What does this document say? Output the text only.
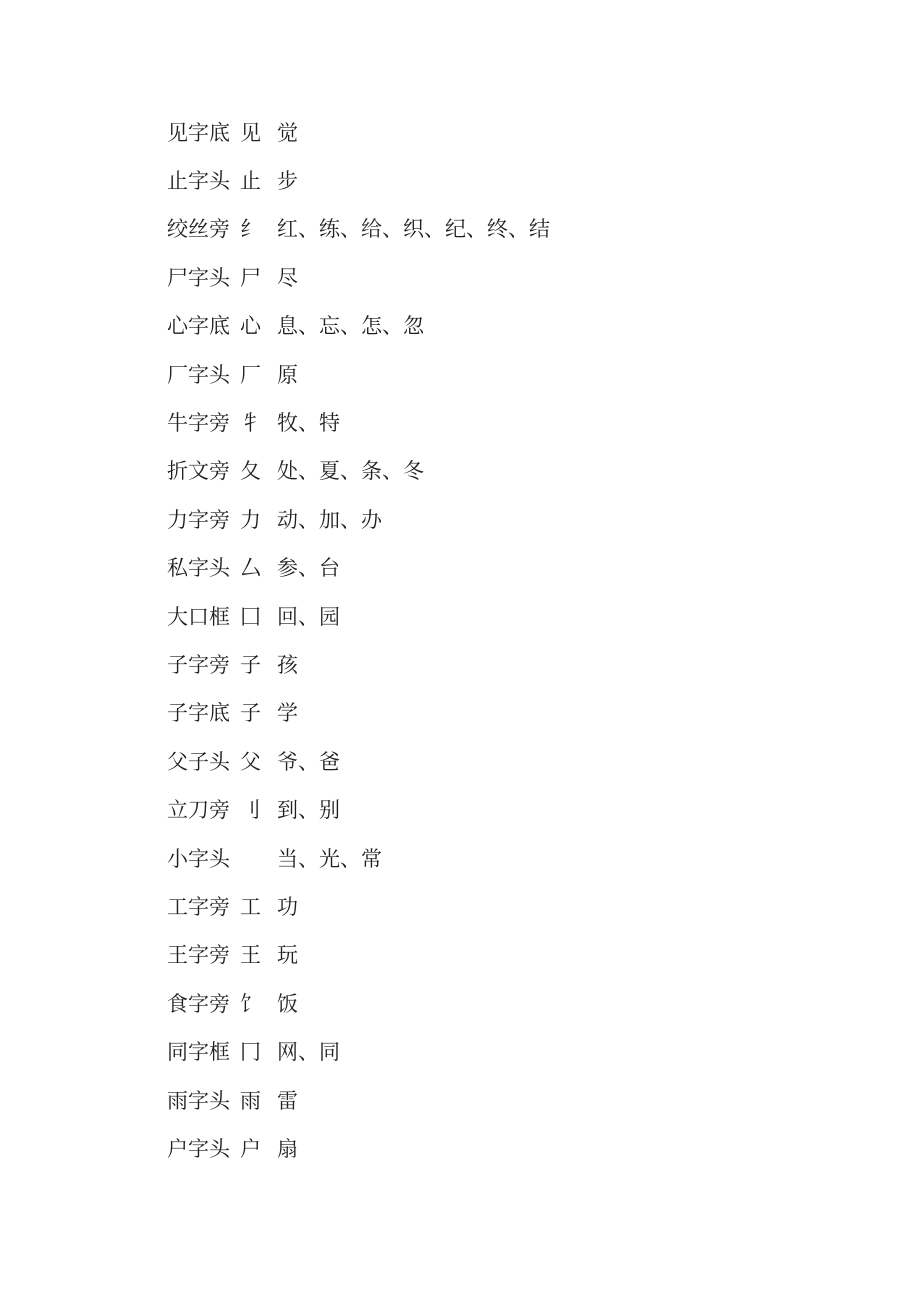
见字底 见 觉
止字头 止 步
绞丝旁 纟 红、练、给、织、纪、终、结
尸字头 尸 尽
心字底 心 息、忘、怎、忽
厂字头 厂 原
牛字旁 牜 牧、特
折文旁 夂 处、夏、条、冬
力字旁 力 动、加、办
私字头 厶 参、台
大口框 囗 回、园
子字旁 子 孩
子字底 子 学
父子头 父 爷、爸
立刀旁 刂 到、别
小字头	当、光、常
工字旁 工 功
王字旁 王 玩
食字旁 饣 饭
同字框 冂 网、同
雨字头 雨 雷
户字头 户 扇
